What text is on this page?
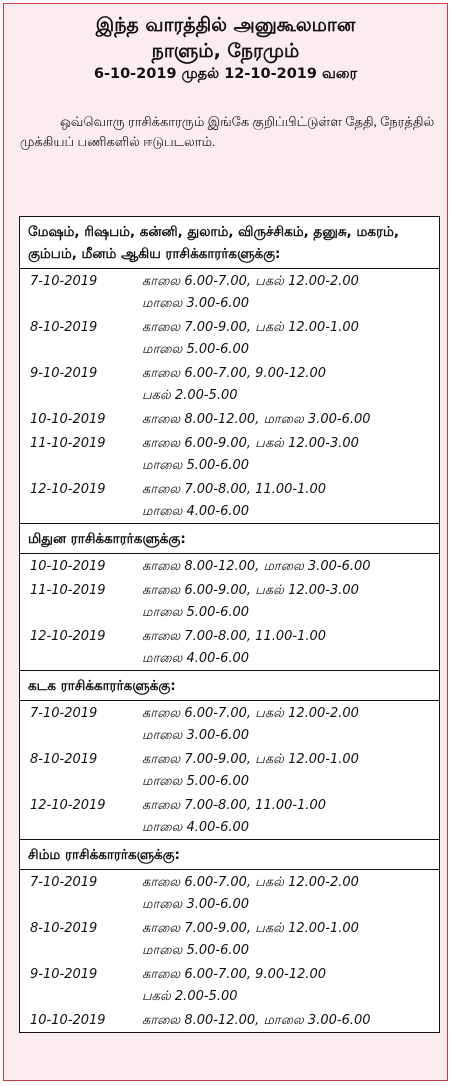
இந்த வாரத்தில் அனுகூலமான
நாளும், நேரமும்
6-10-2019 முதல் 12-10-2019 வரை
ஒவ்வொரு ராசிக்காரரும் இங்கே குறிப்பிட்டுள்ள தேதி, நேரத்தில் முக்கியப் பணிகளில் ஈடுபடலாம்.
மேஷம், ரிஷபம், கன்னி, துலாம், விருச்சிகம், தனுசு, மகரம், கும்பம், மீனம் ஆகிய ராசிக்காரர்களுக்கு:
7-10-2019	காலை 6.00-7.00, பகல் 12.00-2.00
மாலை 3.00-6.00
8-10-2019	காலை 7.00-9.00, பகல் 12.00-1.00
மாலை 5.00-6.00
9-10-2019	காலை 6.00-7.00, 9.00-12.00
பகல் 2.00-5.00
10-10-2019	காலை 8.00-12.00, மாலை 3.00-6.00
11-10-2019	காலை 6.00-9.00, பகல் 12.00-3.00
மாலை 5.00-6.00
12-10-2019	காலை 7.00-8.00, 11.00-1.00
மாலை 4.00-6.00
மிதுன ராசிக்காரர்களுக்கு:
10-10-2019	காலை 8.00-12.00, மாலை 3.00-6.00
11-10-2019	காலை 6.00-9.00, பகல் 12.00-3.00
மாலை 5.00-6.00
12-10-2019	காலை 7.00-8.00, 11.00-1.00
மாலை 4.00-6.00
கடக ராசிக்காரர்களுக்கு:
7-10-2019	காலை 6.00-7.00, பகல் 12.00-2.00
மாலை 3.00-6.00
8-10-2019	காலை 7.00-9.00, பகல் 12.00-1.00
மாலை 5.00-6.00
12-10-2019	காலை 7.00-8.00, 11.00-1.00
மாலை 4.00-6.00
சிம்ம ராசிக்காரர்களுக்கு:
7-10-2019	காலை 6.00-7.00, பகல் 12.00-2.00
மாலை 3.00-6.00
8-10-2019	காலை 7.00-9.00, பகல் 12.00-1.00
மாலை 5.00-6.00
9-10-2019	காலை 6.00-7.00, 9.00-12.00
பகல் 2.00-5.00
10-10-2019	காலை 8.00-12.00, மாலை 3.00-6.00
